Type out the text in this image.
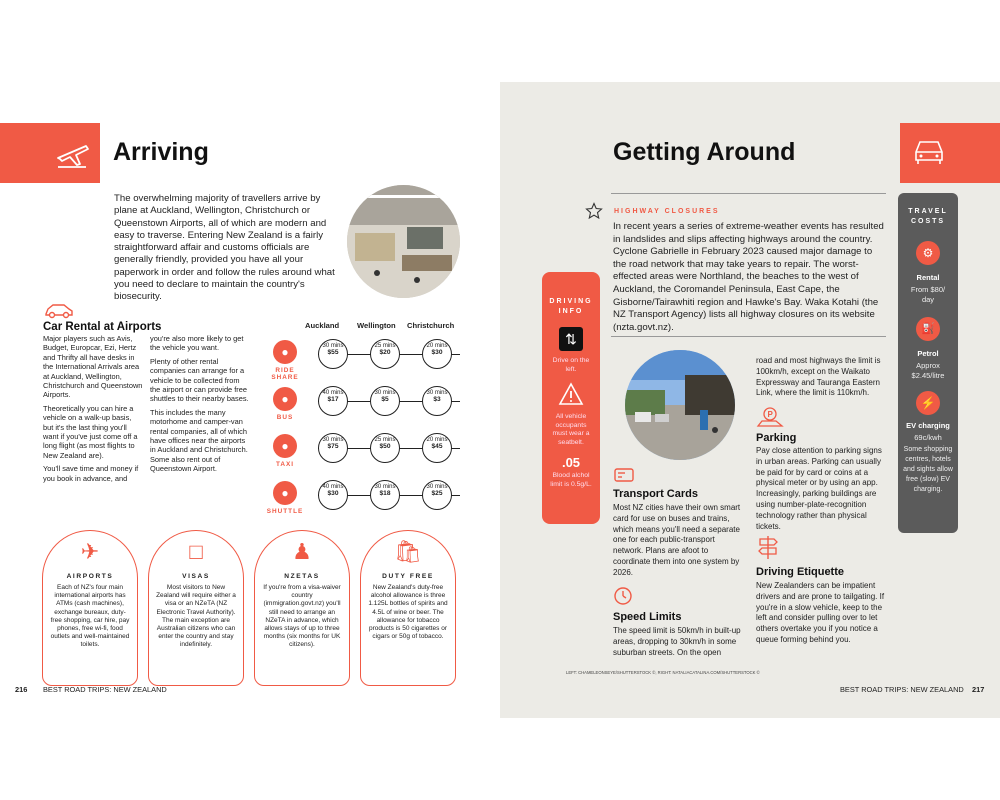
Arriving
The overwhelming majority of travellers arrive by plane at Auckland, Wellington, Christchurch or Queenstown Airports, all of which are modern and easy to traverse. Entering New Zealand is a fairly straightforward affair and customs officials are generally friendly, provided you have all your paperwork in order and follow the rules around what you need to declare to maintain the country's biosecurity.
Car Rental at Airports

Major players such as Avis, Budget, Europcar, Ezi, Hertz and Thrifty all have desks in the International Arrivals area at Auckland, Wellington, Christchurch and Queenstown Airports.

Theoretically you can hire a vehicle on a walk-up basis, but it's the last thing you'll want if you've just come off a long flight (as most flights to New Zealand are).

You'll save time and money if you book in advance, and

you're also more likely to get the vehicle you want.

Plenty of other rental companies can arrange for a vehicle to be collected from the airport or can provide free shuttles to their nearby bases.

This includes the many motorhome and camper-van rental companies, all of which have offices near the airports in Auckland and Christchurch. Some also rent out of Queenstown Airport.

Auckland Wellington Christchurch
●
RIDE SHARE
30 mins
$55
25 mins
$20
20 mins
$30
●
BUS
40 mins
$17
30 mins
$5
30 mins
$3
●
TAXI
30 mins
$75
25 mins
$50
20 mins
$45
●
SHUTTLE
40 mins
$30
30 mins
$18
30 mins
$25
✈
AIRPORTS
Each of NZ's four main international airports has ATMs (cash machines), exchange bureaux, duty-free shopping, car hire, pay phones, free wi-fi, food outlets and well-maintained toilets.
□
VISAS
Most visitors to New Zealand will require either a visa or an NZeTA (NZ Electronic Travel Authority). The main exception are Australian citizens who can enter the country and stay indefinitely.
♟
NZETAS
If you're from a visa-waiver country (immigration.govt.nz) you'll still need to arrange an NZeTA in advance, which allows stays of up to three months (six months for UK citizens).
🛍
DUTY FREE
New Zealand's duty-free alcohol allowance is three 1.125L bottles of spirits and 4.5L of wine or beer. The allowance for tobacco products is 50 cigarettes or cigars or 50g of tobacco.
216 BEST ROAD TRIPS: NEW ZEALAND
Getting Around
HIGHWAY CLOSURES
In recent years a series of extreme-weather events has resulted in landslides and slips affecting highways around the country. Cyclone Gabrielle in February 2023 caused major damage to the road network that may take years to repair. The worst-effected areas were Northland, the beaches to the west of Auckland, the Coromandel Peninsula, East Cape, the Gisborne/Tairawhiti region and Hawke's Bay. Waka Kotahi (the NZ Transport Agency) lists all highway closures on its website (nzta.govt.nz).
DRIVING INFO
⇅
Drive on the left.
All vehicle occupants must wear a seatbelt.
.05
Blood alchol limit is 0.5g/L.
Transport Cards
Most NZ cities have their own smart card for use on buses and trains, which means you'll need a separate one for each public-transport network. Plans are afoot to coordinate them into one system by 2026.
Speed Limits
The speed limit is 50km/h in built-up areas, dropping to 30km/h in some suburban streets. On the open
road and most highways the limit is 100km/h, except on the Waikato Expressway and Tauranga Eastern Link, where the limit is 110km/h.
P
Parking
Pay close attention to parking signs in urban areas. Parking can usually be paid for by card or coins at a physical meter or by using an app. Increasingly, parking buildings are using number-plate-recognition technology rather than physical tickets.
Driving Etiquette
New Zealanders can be impatient drivers and are prone to tailgating. If you're in a slow vehicle, keep to the left and consider pulling over to let others overtake you if you notice a queue forming behind you.
TRAVEL COSTS
⚙
Rental
From $80/ day
⛽
Petrol
Approx $2.45/litre
⚡
EV charging
69c/kwh
Some shopping centres, hotels and sights allow free (slow) EV charging.
LEFT: CHAMELEONSEYE/SHUTTERSTOCK ©, RIGHT: NATALIACATALINA.COM/SHUTTERSTOCK ©
BEST ROAD TRIPS: NEW ZEALAND 217
